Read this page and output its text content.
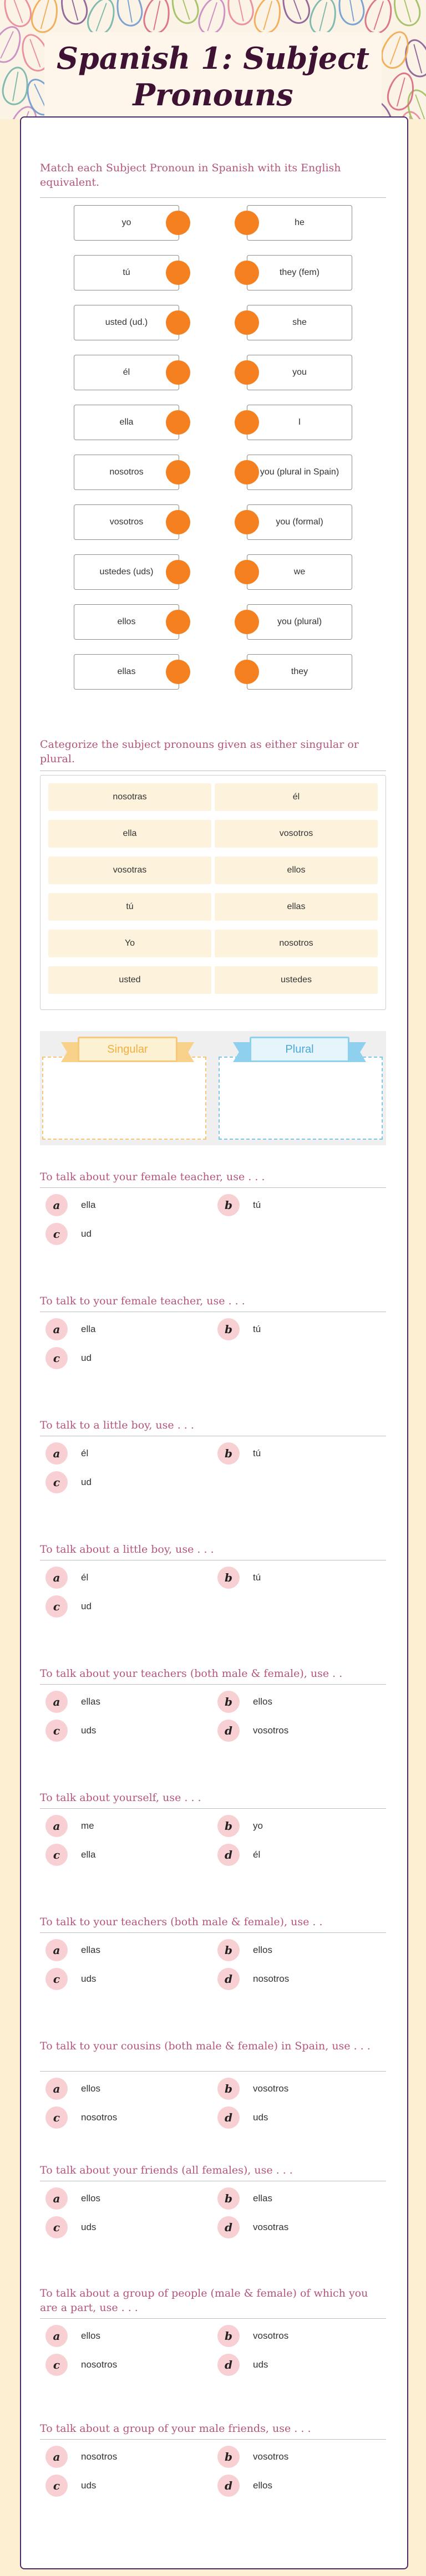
Spanish 1: Subject Pronouns
Match each Subject Pronoun in Spanish with its English equivalent.
yo	he
tú	they (fem)
usted (ud.)	she
él	you
ella	I
nosotros	you (plural in Spain)
vosotros	you (formal)
ustedes (uds)	we
ellos	you (plural)
ellas	they
Categorize the subject pronouns given as either singular or plural.
nosotras	él
ella	vosotros
vosotras	ellos
tú	ellas
Yo	nosotros
usted	ustedes
Singular	Plural
To talk about your female teacher, use . . .
a	ella	b	tú
c	ud
To talk to your female teacher, use . . .
a	ella	b	tú
c	ud
To talk to a little boy, use . . .
a	él	b	tú
c	ud
To talk about a little boy, use . . .
a	él	b	tú
c	ud
To talk about your teachers (both male & female), use . .
a	ellas	b	ellos
c	uds	d	vosotros
To talk about yourself, use . . .
a	me	b	yo
c	ella	d	él
To talk to your teachers (both male & female), use . .
a	ellas	b	ellos
c	uds	d	nosotros
To talk to your cousins (both male & female) in Spain, use . . .
a	ellos	b	vosotros
c	nosotros	d	uds
To talk about your friends (all females), use . . .
a	ellos	b	ellas
c	uds	d	vosotras
To talk about a group of people (male & female) of which you are a part, use . . .
a	ellos	b	vosotros
c	nosotros	d	uds
To talk about a group of your male friends, use . . .
a	nosotros	b	vosotros
c	uds	d	ellos
